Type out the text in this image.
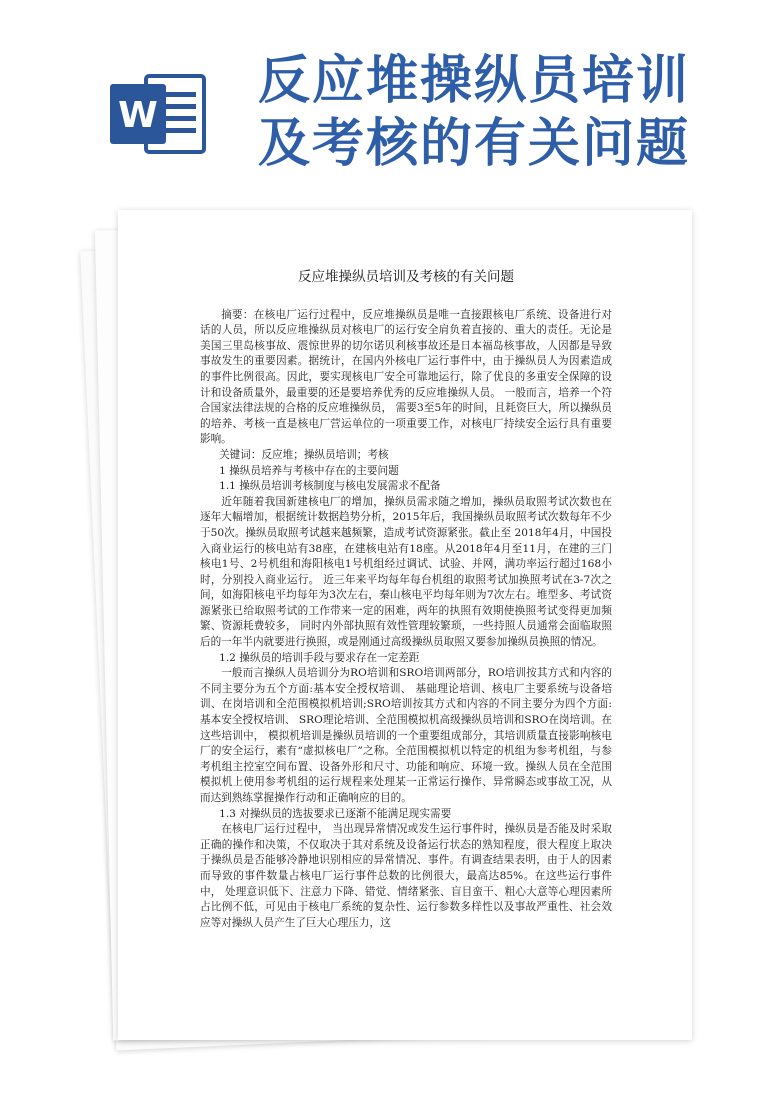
W
反应堆操纵员培训
及考核的有关问题
反应堆操纵员培训及考核的有关问题

摘要：在核电厂运行过程中，反应堆操纵员是唯一直接跟核电厂系统、设备进行对话的人员，所以反应堆操纵员对核电厂的运行安全肩负着直接的、重大的责任。无论是美国三里岛核事故、震惊世界的切尔诺贝利核事故还是日本福岛核事故，人因都是导致事故发生的重要因素。据统计，在国内外核电厂运行事件中，由于操纵员人为因素造成的事件比例很高。因此，要实现核电厂安全可靠地运行，除了优良的多重安全保障的设计和设备质量外，最重要的还是要培养优秀的反应堆操纵人员。 一般而言，培养一个符合国家法律法规的合格的反应堆操纵员， 需要3至5年的时间，且耗资巨大，所以操纵员的培养、考核一直是核电厂营运单位的一项重要工作，对核电厂持续安全运行具有重要影响。

关键词：反应堆；操纵员培训；考核

1 操纵员培养与考核中存在的主要问题

1.1 操纵员培训考核制度与核电发展需求不配备

近年随着我国新建核电厂的增加，操纵员需求随之增加，操纵员取照考试次数也在逐年大幅增加，根据统计数据趋势分析，2015年后，我国操纵员取照考试次数每年不少于50次。操纵员取照考试越来越频繁，造成考试资源紧张。截止至 2018年4月，中国投入商业运行的核电站有38座，在建核电站有18座。从2018年4月至11月，在建的三门核电1号、2号机组和海阳核电1号机组经过调试、试验、并网，满功率运行超过168小时，分别投入商业运行。 近三年来平均每年每台机组的取照考试加换照考试在3-7次之间，如海阳核电平均每年为3次左右，秦山核电平均每年则为7次左右。堆型多、考试资源紧张已给取照考试的工作带来一定的困难，两年的执照有效期使换照考试变得更加频繁、资源耗费较多， 同时内外部执照有效性管理较繁琐，一些持照人员通常会面临取照后的一年半内就要进行换照，或是刚通过高级操纵员取照又要参加操纵员换照的情况。

1.2 操纵员的培训手段与要求存在一定差距

一般而言操纵人员培训分为RO培训和SRO培训两部分，RO培训按其方式和内容的不同主要分为五个方面:基本安全授权培训、 基础理论培训、核电厂主要系统与设备培训、在岗培训和全范围模拟机培训;SRO培训按其方式和内容的不同主要分为四个方面:基本安全授权培训、 SRO理论培训、全范围模拟机高级操纵员培训和SRO在岗培训。在这些培训中， 模拟机培训是操纵员培训的一个重要组成部分，其培训质量直接影响核电厂的安全运行，素有“虚拟核电厂”之称。全范围模拟机以特定的机组为参考机组，与参考机组主控室空间布置、设备外形和尺寸、功能和响应、环境一致。操纵人员在全范围模拟机上使用参考机组的运行规程来处理某一正常运行操作、异常瞬态或事故工况，从而达到熟练掌握操作行动和正确响应的目的。

1.3 对操纵员的选拔要求已逐渐不能满足现实需要

在核电厂运行过程中， 当出现异常情况或发生运行事件时，操纵员是否能及时采取正确的操作和决策，不仅取决于其对系统及设备运行状态的熟知程度，很大程度上取决于操纵员是否能够冷静地识别相应的异常情况、事件。有调查结果表明，由于人的因素而导致的事件数量占核电厂运行事件总数的比例很大，最高达85%。在这些运行事件中， 处理意识低下、注意力下降、错觉、情绪紧张、盲目蛮干、粗心大意等心理因素所占比例不低，可见由于核电厂系统的复杂性、运行参数多样性以及事故严重性、社会效应等对操纵人员产生了巨大心理压力，这
